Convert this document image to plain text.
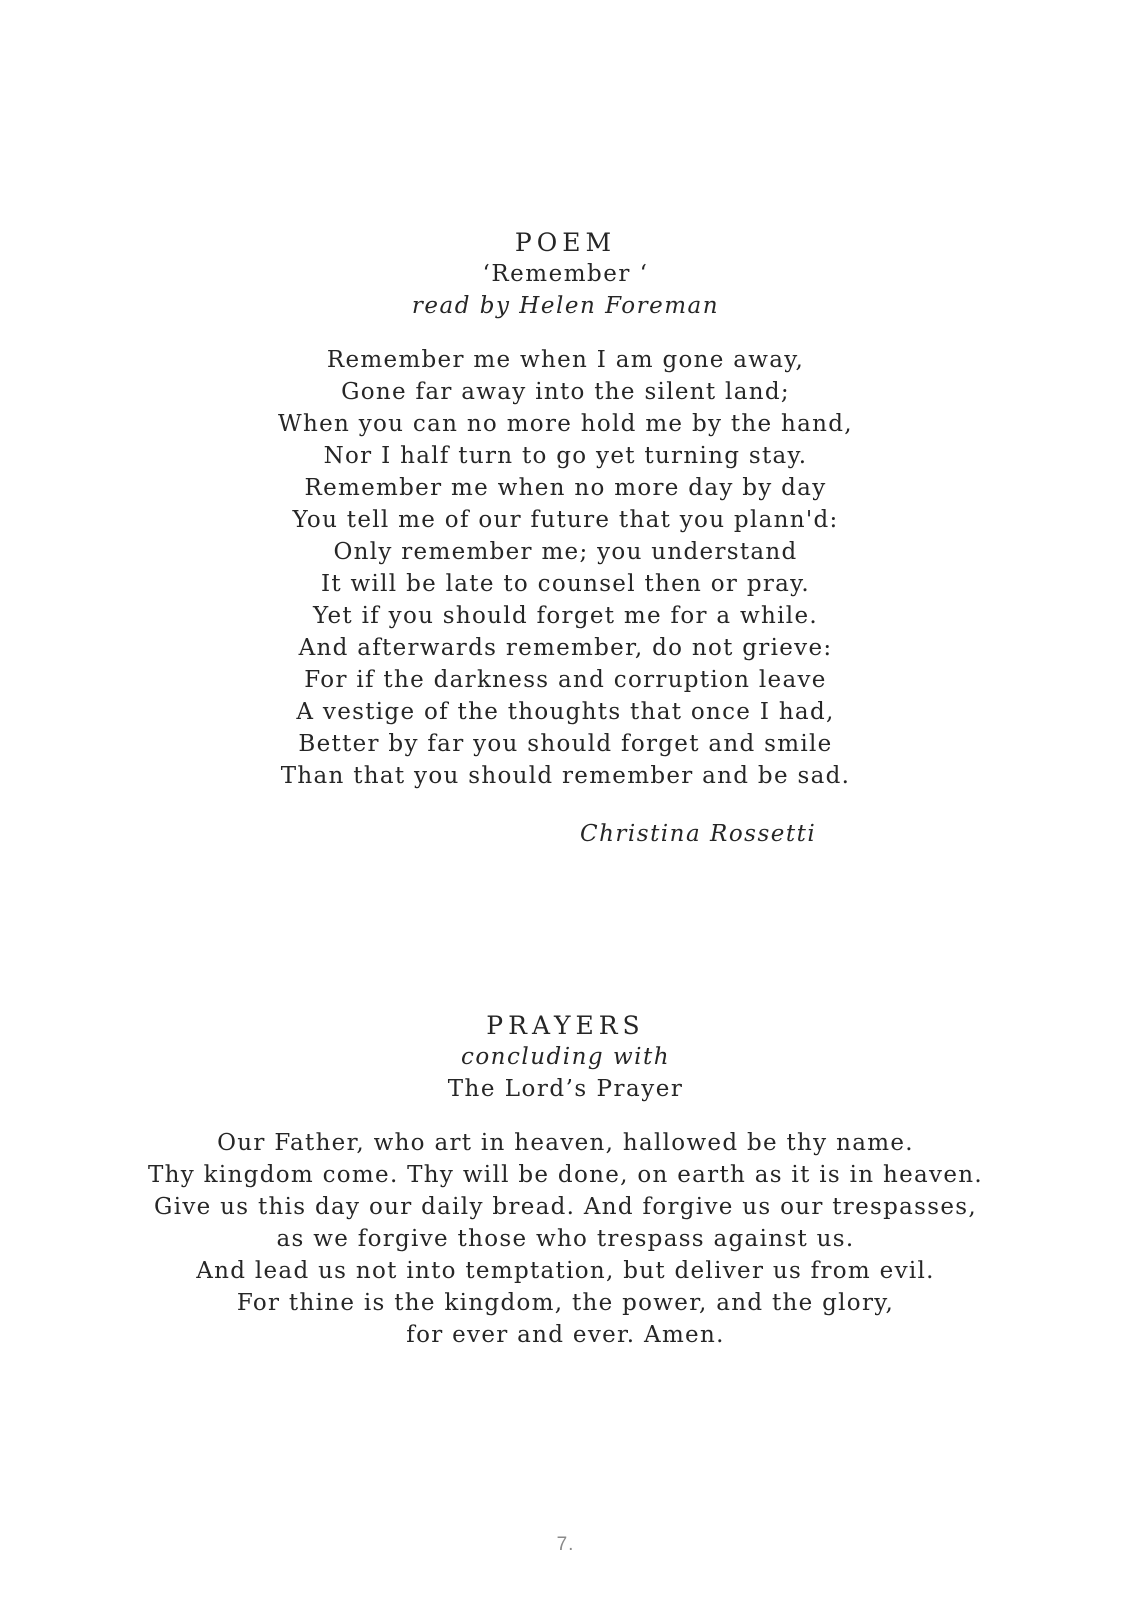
POEM
‘Remember ‘
read by Helen Foreman
Remember me when I am gone away,
Gone far away into the silent land;
When you can no more hold me by the hand,
Nor I half turn to go yet turning stay.
Remember me when no more day by day
You tell me of our future that you plann'd:
Only remember me; you understand
It will be late to counsel then or pray.
Yet if you should forget me for a while.
And afterwards remember, do not grieve:
For if the darkness and corruption leave
A vestige of the thoughts that once I had,
Better by far you should forget and smile
Than that you should remember and be sad.
Christina Rossetti
PRAYERS
concluding with
The Lord’s Prayer
Our Father, who art in heaven, hallowed be thy name.
Thy kingdom come. Thy will be done, on earth as it is in heaven.
Give us this day our daily bread. And forgive us our trespasses,
as we forgive those who trespass against us.
And lead us not into temptation, but deliver us from evil.
For thine is the kingdom, the power, and the glory,
for ever and ever. Amen.
7.
